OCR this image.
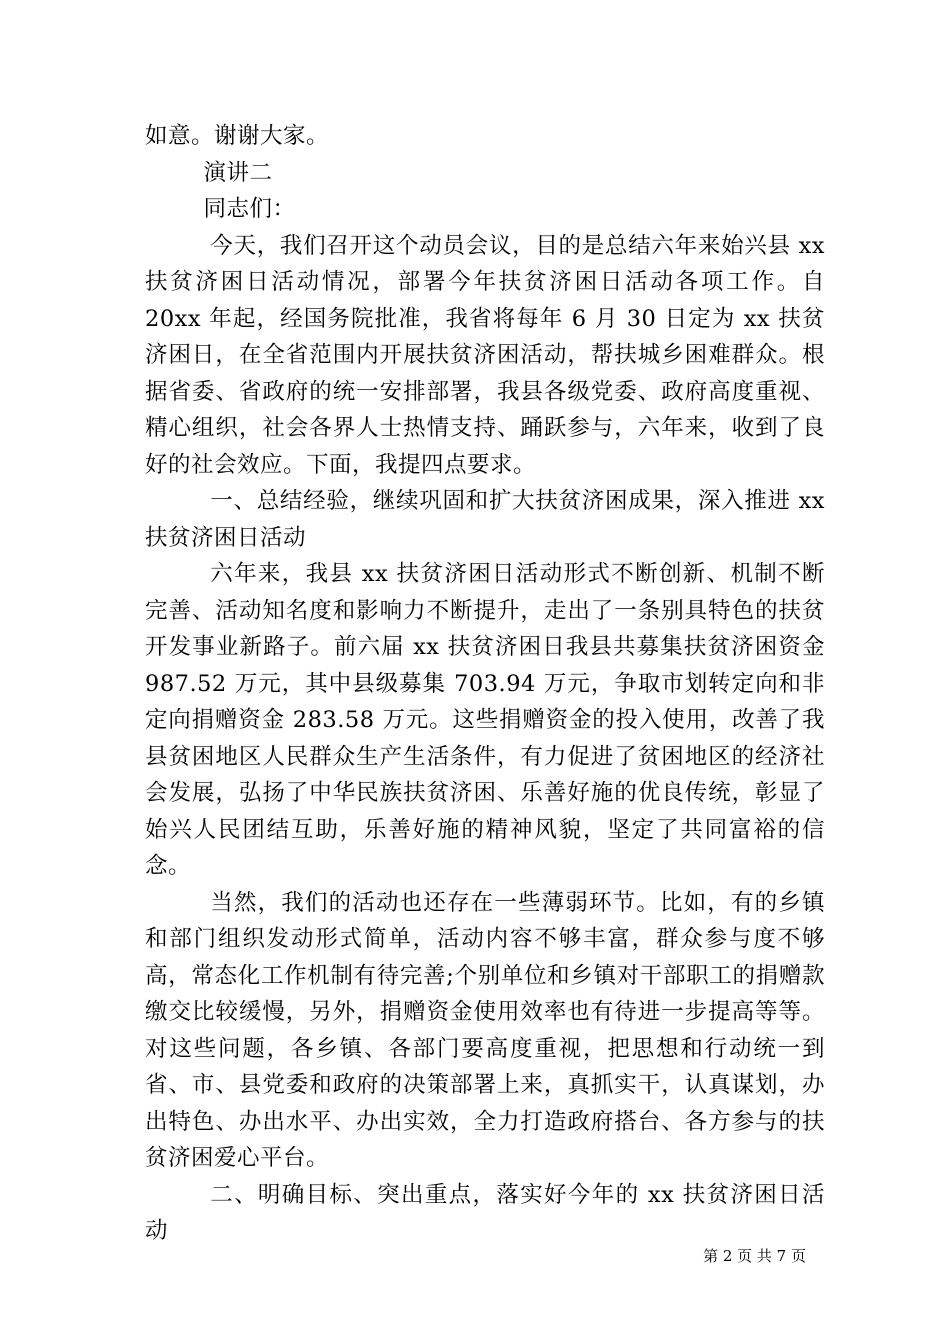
如意。谢谢大家。

演讲二

同志们：

今天，我们召开这个动员会议，目的是总结六年来始兴县 xx 扶贫济困日活动情况，部署今年扶贫济困日活动各项工作。自 20xx 年起，经国务院批准，我省将每年 6 月 30 日定为 xx 扶贫济困日，在全省范围内开展扶贫济困活动，帮扶城乡困难群众。根据省委、省政府的统一安排部署，我县各级党委、政府高度重视、精心组织，社会各界人士热情支持、踊跃参与，六年来，收到了良好的社会效应。下面，我提四点要求。

一、总结经验，继续巩固和扩大扶贫济困成果，深入推进 xx 扶贫济困日活动

六年来，我县 xx 扶贫济困日活动形式不断创新、机制不断完善、活动知名度和影响力不断提升，走出了一条别具特色的扶贫开发事业新路子。前六届 xx 扶贫济困日我县共募集扶贫济困资金 987.52 万元，其中县级募集 703.94 万元，争取市划转定向和非定向捐赠资金 283.58 万元。这些捐赠资金的投入使用，改善了我县贫困地区人民群众生产生活条件，有力促进了贫困地区的经济社会发展，弘扬了中华民族扶贫济困、乐善好施的优良传统，彰显了始兴人民团结互助，乐善好施的精神风貌，坚定了共同富裕的信念。

当然，我们的活动也还存在一些薄弱环节。比如，有的乡镇和部门组织发动形式简单，活动内容不够丰富，群众参与度不够高，常态化工作机制有待完善;个别单位和乡镇对干部职工的捐赠款缴交比较缓慢，另外，捐赠资金使用效率也有待进一步提高等等。对这些问题，各乡镇、各部门要高度重视，把思想和行动统一到省、市、县党委和政府的决策部署上来，真抓实干，认真谋划，办出特色、办出水平、办出实效，全力打造政府搭台、各方参与的扶贫济困爱心平台。

二、明确目标、突出重点，落实好今年的 xx 扶贫济困日活动

第 2 页 共 7 页
